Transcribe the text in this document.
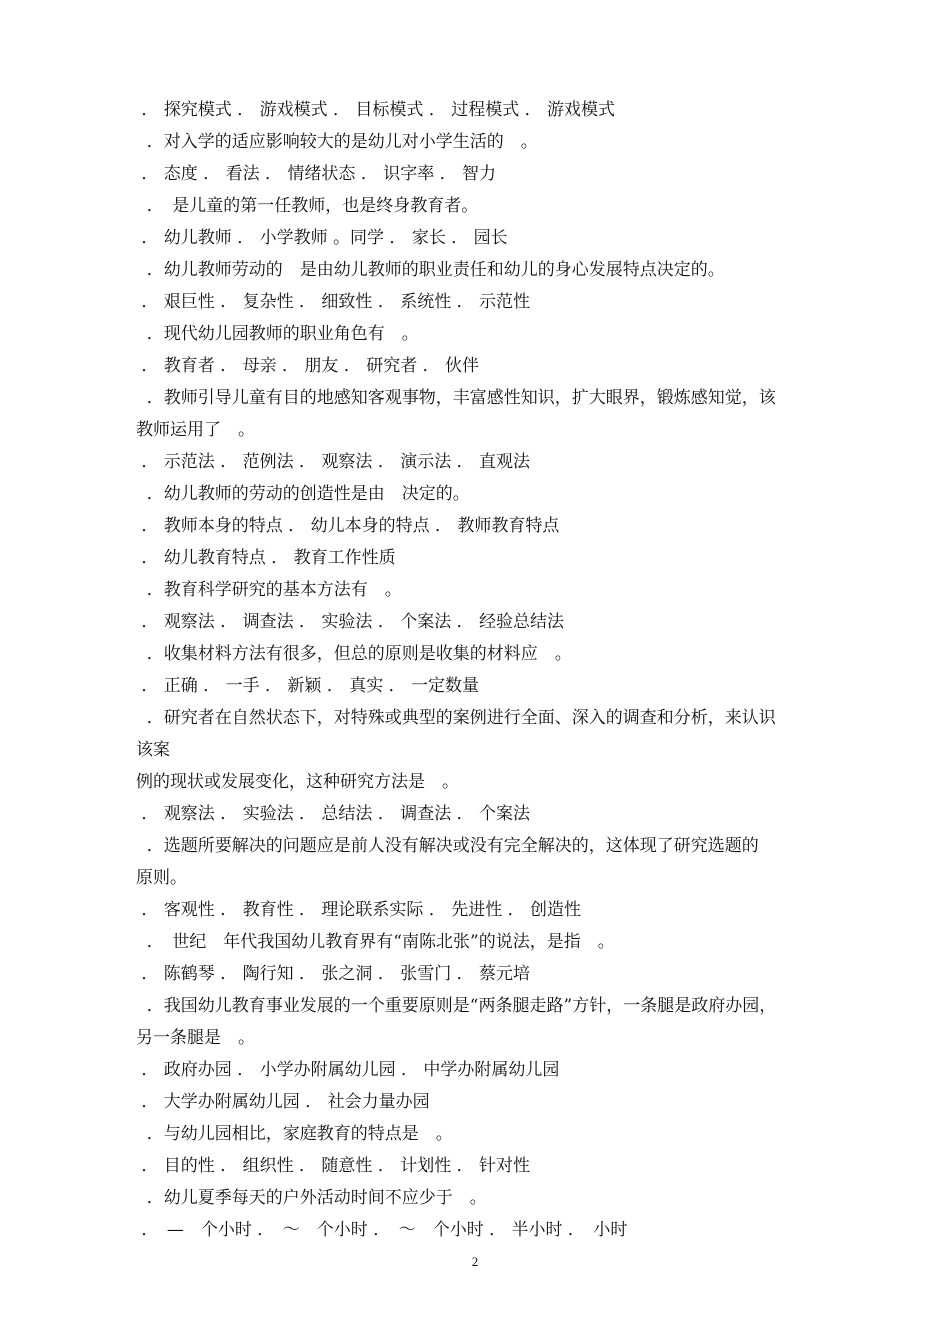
． 探究模式 ． 游戏模式 ． 目标模式 ． 过程模式 ． 游戏模式
．对入学的适应影响较大的是幼儿对小学生活的　。
． 态度 ． 看法 ． 情绪状态 ． 识字率 ． 智力
．　是儿童的第一任教师，也是终身教育者。
． 幼儿教师 ． 小学教师 。同学 ． 家长 ． 园长
．幼儿教师劳动的　是由幼儿教师的职业责任和幼儿的身心发展特点决定的。
． 艰巨性 ． 复杂性 ． 细致性 ． 系统性 ． 示范性
．现代幼儿园教师的职业角色有　。
． 教育者 ． 母亲 ． 朋友 ． 研究者 ． 伙伴
．教师引导儿童有目的地感知客观事物，丰富感性知识，扩大眼界，锻炼感知觉，该
教师运用了　。
． 示范法 ． 范例法 ． 观察法 ． 演示法 ． 直观法
．幼儿教师的劳动的创造性是由　决定的。
． 教师本身的特点 ． 幼儿本身的特点 ． 教师教育特点
． 幼儿教育特点 ． 教育工作性质
．教育科学研究的基本方法有　。
． 观察法 ． 调查法 ． 实验法 ． 个案法 ． 经验总结法
．收集材料方法有很多，但总的原则是收集的材料应　。
． 正确 ． 一手 ． 新颖 ． 真实 ． 一定数量
．研究者在自然状态下，对特殊或典型的案例进行全面、深入的调查和分析，来认识
该案
例的现状或发展变化，这种研究方法是　。
． 观察法 ． 实验法 ． 总结法 ． 调查法 ． 个案法
．选题所要解决的问题应是前人没有解决或没有完全解决的，这体现了研究选题的
原则。
． 客观性 ． 教育性 ． 理论联系实际 ． 先进性 ． 创造性
．　世纪　年代我国幼儿教育界有“南陈北张”的说法，是指　。
． 陈鹤琴 ． 陶行知 ． 张之洞 ． 张雪门 ． 蔡元培
．我国幼儿教育事业发展的一个重要原则是“两条腿走路”方针，一条腿是政府办园，
另一条腿是　。
． 政府办园 ． 小学办附属幼儿园 ． 中学办附属幼儿园
． 大学办附属幼儿园 ． 社会力量办园
．与幼儿园相比，家庭教育的特点是　。
． 目的性 ． 组织性 ． 随意性 ． 计划性 ． 针对性
．幼儿夏季每天的户外活动时间不应少于　。
．　—　个小时 ．　～　个小时 ．　～　个小时 ． 半小时 ．　小时
2
